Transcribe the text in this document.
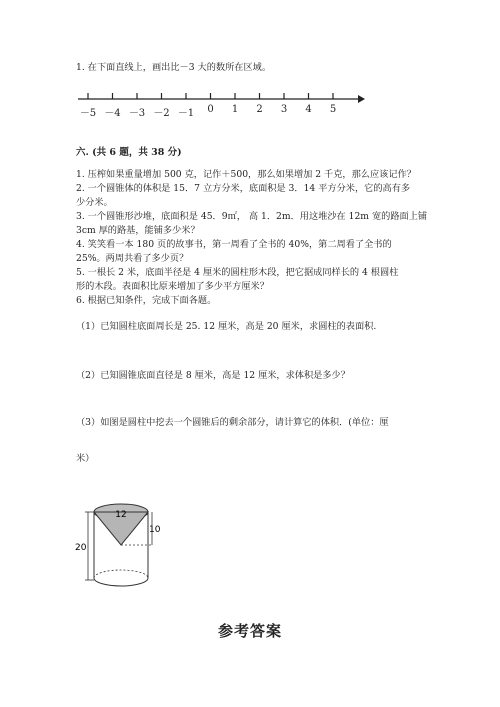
1. 在下面直线上，画出比－3 大的数所在区域。
－5 －4 －3 －2 －1 0 1 2 3 4 5
六. (共 6 题，共 38 分)
1. 压榨如果重量增加 500 克，记作＋500，那么如果增加 2 千克，那么应该记作？
2. 一个圆锥体的体积是 15．7 立方分米，底面积是 3．14 平方分米，它的高有多
少分米。
3. 一个圆锥形沙堆，底面积是 45．9㎡， 高 1．2m．用这堆沙在 12m 宽的路面上铺
3cm 厚的路基，能铺多少米？
4. 笑笑看一本 180 页的故事书，第一周看了全书的 40%，第二周看了全书的
25%。两周共看了多少页？
5. 一根长 2 米，底面半径是 4 厘米的圆柱形木段，把它据成同样长的 4 根圆柱
形的木段。表面积比原来增加了多少平方厘米？
6. 根据已知条件，完成下面各题。
（1）已知圆柱底面周长是 25. 12 厘米，高是 20 厘米，求圆柱的表面积.
（2）已知圆锥底面直径是 8 厘米，高是 12 厘米，求体积是多少？
（3）如图是圆柱中挖去一个圆锥后的剩余部分，请计算它的体积．(单位：厘
米）
12
10
20
参考答案
